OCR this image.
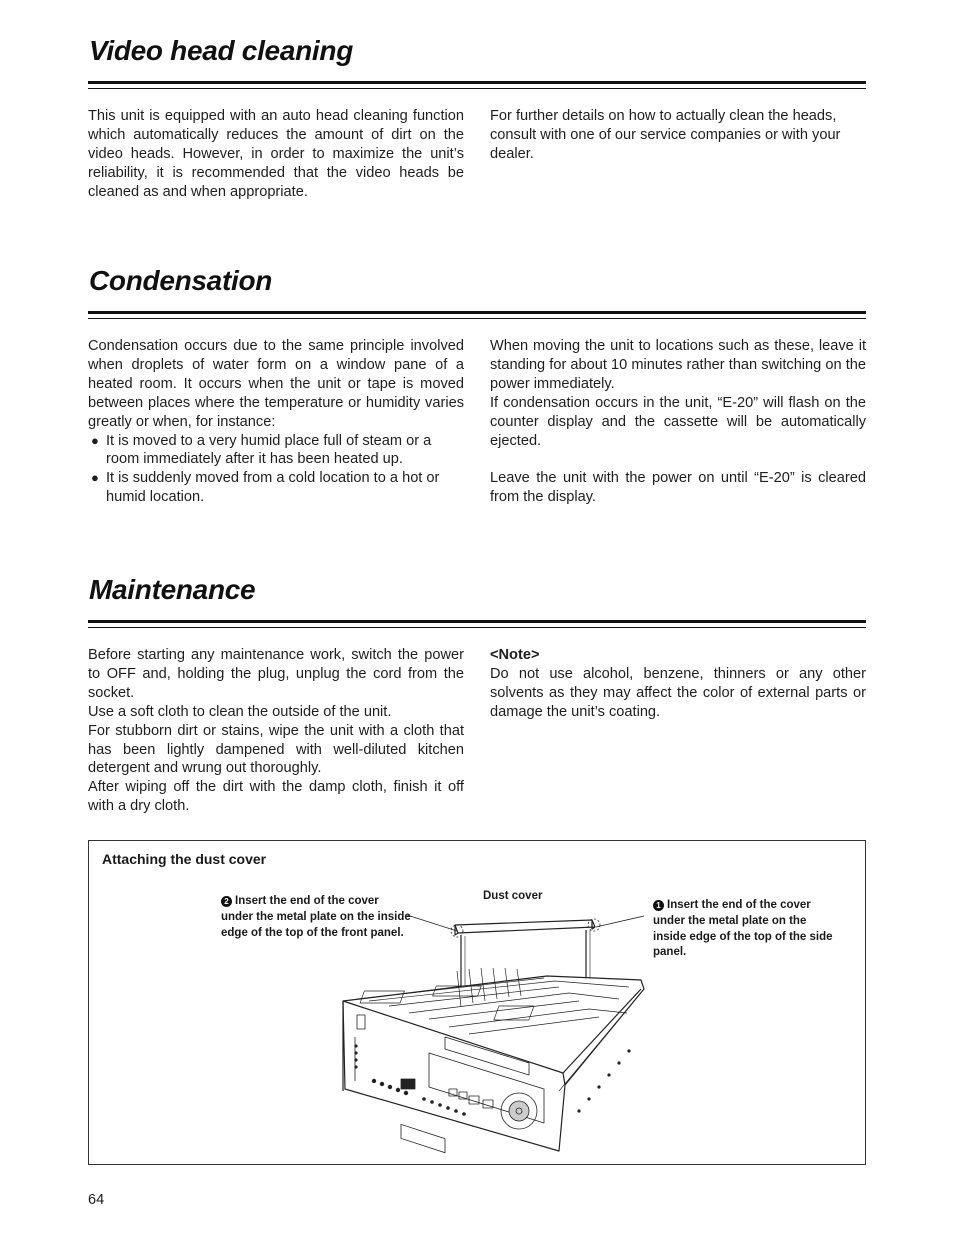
Video head cleaning

This unit is equipped with an auto head cleaning function which automatically reduces the amount of dirt on the video heads. However, in order to maximize the unit’s reliability, it is recommended that the video heads be cleaned as and when appropriate.

For further details on how to actually clean the heads, consult with one of our service companies or with your dealer.

Condensation

Condensation occurs due to the same principle involved when droplets of water form on a window pane of a heated room. It occurs when the unit or tape is moved between places where the temperature or humidity varies greatly or when, for instance:

● It is moved to a very humid place full of steam or a room immediately after it has been heated up.
● It is suddenly moved from a cold location to a hot or humid location.

When moving the unit to locations such as these, leave it standing for about 10 minutes rather than switching on the power immediately.

If condensation occurs in the unit, “E-20” will flash on the counter display and the cassette will be automatically ejected.

Leave the unit with the power on until “E-20” is cleared from the display.

Maintenance

Before starting any maintenance work, switch the power to OFF and, holding the plug, unplug the cord from the socket.

Use a soft cloth to clean the outside of the unit.

For stubborn dirt or stains, wipe the unit with a cloth that has been lightly dampened with well-diluted kitchen detergent and wrung out thoroughly.

After wiping off the dirt with the damp cloth, finish it off with a dry cloth.

<Note>

Do not use alcohol, benzene, thinners or any other solvents as they may affect the color of external parts or damage the unit’s coating.

Attaching the dust cover
2 Insert the end of the cover under the metal plate on the inside edge of the top of the front panel.
Dust cover
1 Insert the end of the cover under the metal plate on the inside edge of the top of the side panel.
64
